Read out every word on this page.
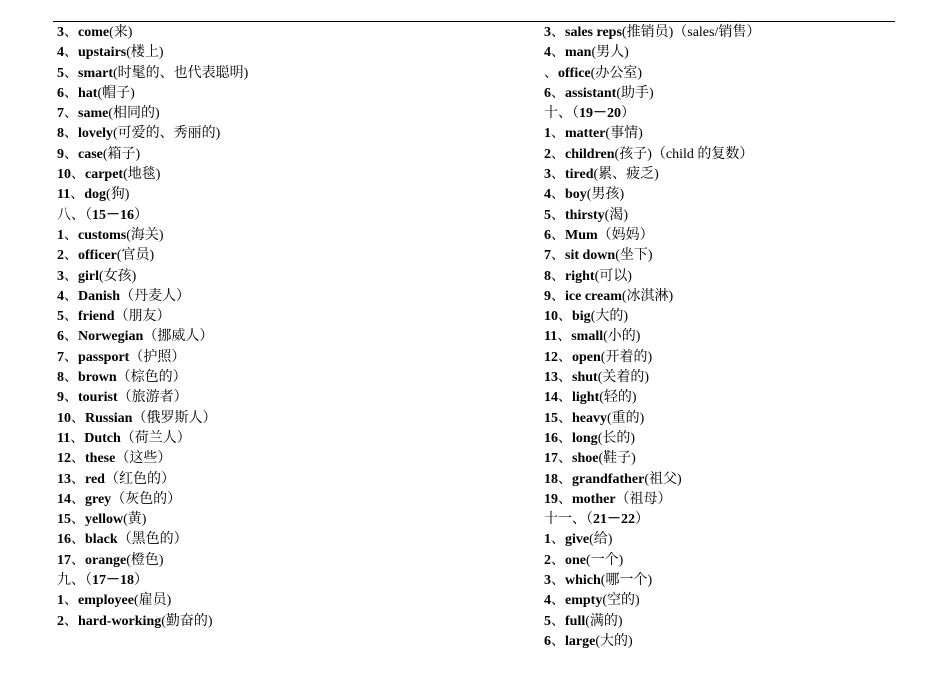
3、come(来)
4、upstairs(楼上)
5、smart(时髦的、也代表聪明)
6、hat(帽子)
7、same(相同的)
8、lovely(可爱的、秀丽的)
9、case(箱子)
10、carpet(地毯)
11、dog(狗)
八、（15－16）
1、customs(海关)
2、officer(官员)
3、girl(女孩)
4、Danish（丹麦人）
5、friend（朋友）
6、Norwegian（挪威人）
7、passport（护照）
8、brown（棕色的）
9、tourist（旅游者）
10、Russian（俄罗斯人）
11、Dutch（荷兰人）
12、these（这些）
13、red（红色的）
14、grey（灰色的）
15、yellow(黄)
16、black（黑色的）
17、orange(橙色)
九、（17－18）
1、employee(雇员)
2、hard-working(勤奋的)
3、sales reps(推销员)（sales/销售）
4、man(男人)
、office(办公室)
6、assistant(助手)
十、（19－20）
1、matter(事情)
2、children(孩子)（child 的复数）
3、tired(累、疲乏)
4、boy(男孩)
5、thirsty(渴)
6、Mum（妈妈）
7、sit down(坐下)
8、right(可以)
9、ice cream(冰淇淋)
10、big(大的)
11、small(小的)
12、open(开着的)
13、shut(关着的)
14、light(轻的)
15、heavy(重的)
16、long(长的)
17、shoe(鞋子)
18、grandfather(祖父)
19、mother（祖母）
十一、（21－22）
1、give(给)
2、one(一个)
3、which(哪一个)
4、empty(空的)
5、full(满的)
6、large(大的)
